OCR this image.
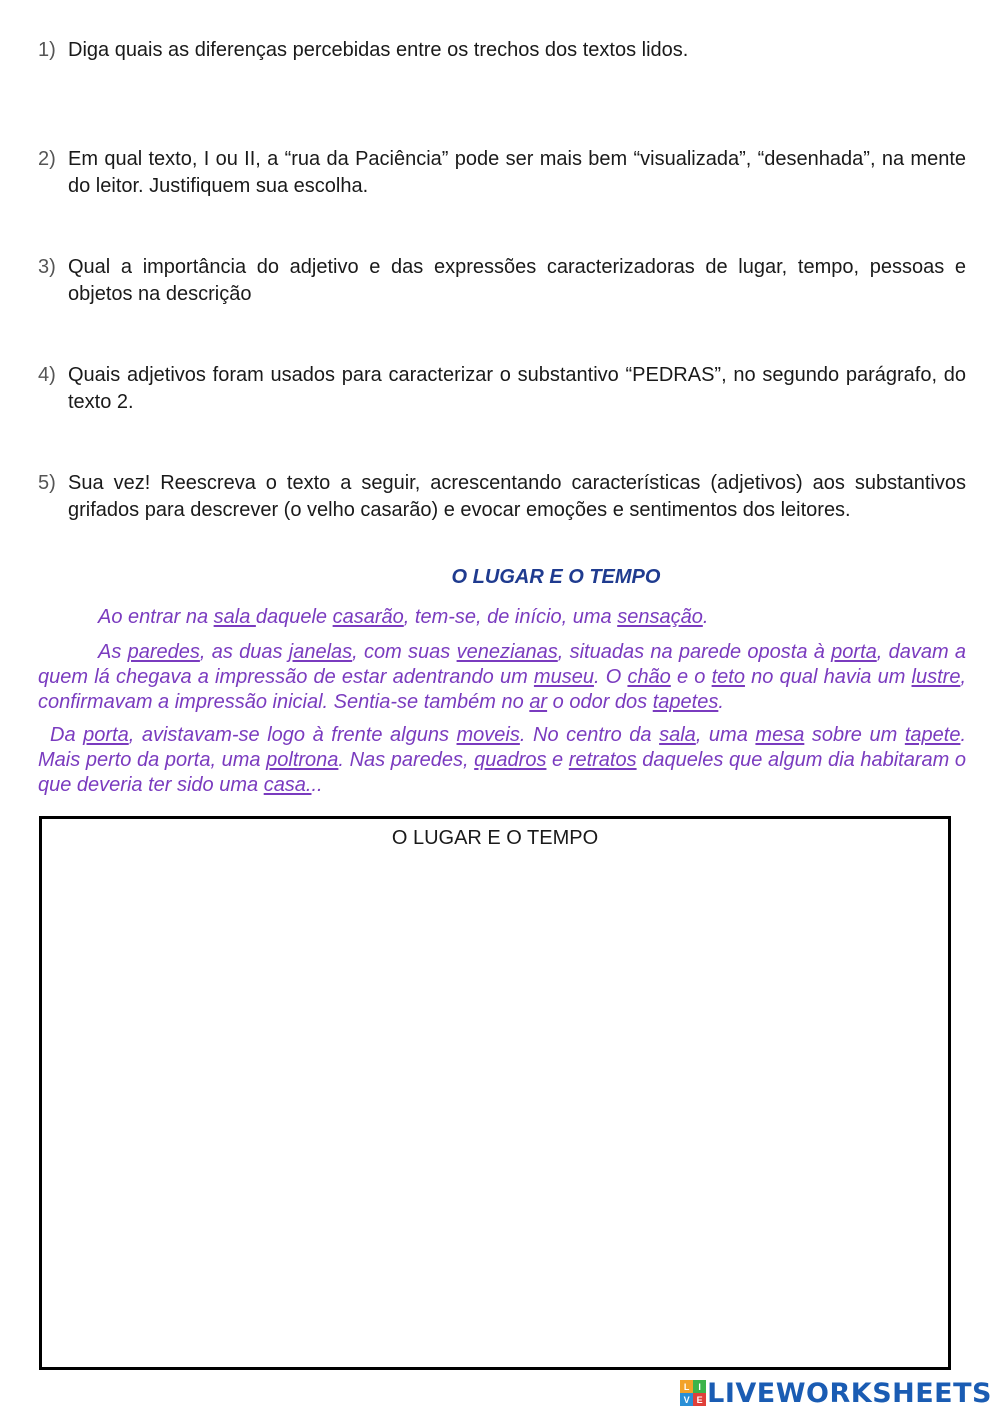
1) Diga quais as diferenças percebidas entre os trechos dos textos lidos.
2) Em qual texto, I ou II, a “rua da Paciência” pode ser mais bem “visualizada”, “desenhada”, na mente do leitor. Justifiquem sua escolha.
3) Qual a importância do adjetivo e das expressões caracterizadoras de lugar, tempo, pessoas e objetos na descrição
4) Quais adjetivos foram usados para caracterizar o substantivo “PEDRAS”, no segundo parágrafo, do texto 2.
5) Sua vez! Reescreva o texto a seguir, acrescentando características (adjetivos) aos substantivos grifados para descrever (o velho casarão) e evocar emoções e sentimentos dos leitores.
O LUGAR E O TEMPO

Ao entrar na sala daquele casarão, tem-se, de início, uma sensação.

As paredes, as duas janelas, com suas venezianas, situadas na parede oposta à porta, davam a quem lá chegava a impressão de estar adentrando um museu. O chão e o teto no qual havia um lustre, confirmavam a impressão inicial. Sentia-se também no ar o odor dos tapetes.

Da porta, avistavam-se logo à frente alguns moveis. No centro da sala, uma mesa sobre um tapete. Mais perto da porta, uma poltrona. Nas paredes, quadros e retratos daqueles que algum dia habitaram o que deveria ter sido uma casa...

O LUGAR E O TEMPO
L I
V E LIVEWORKSHEETS
